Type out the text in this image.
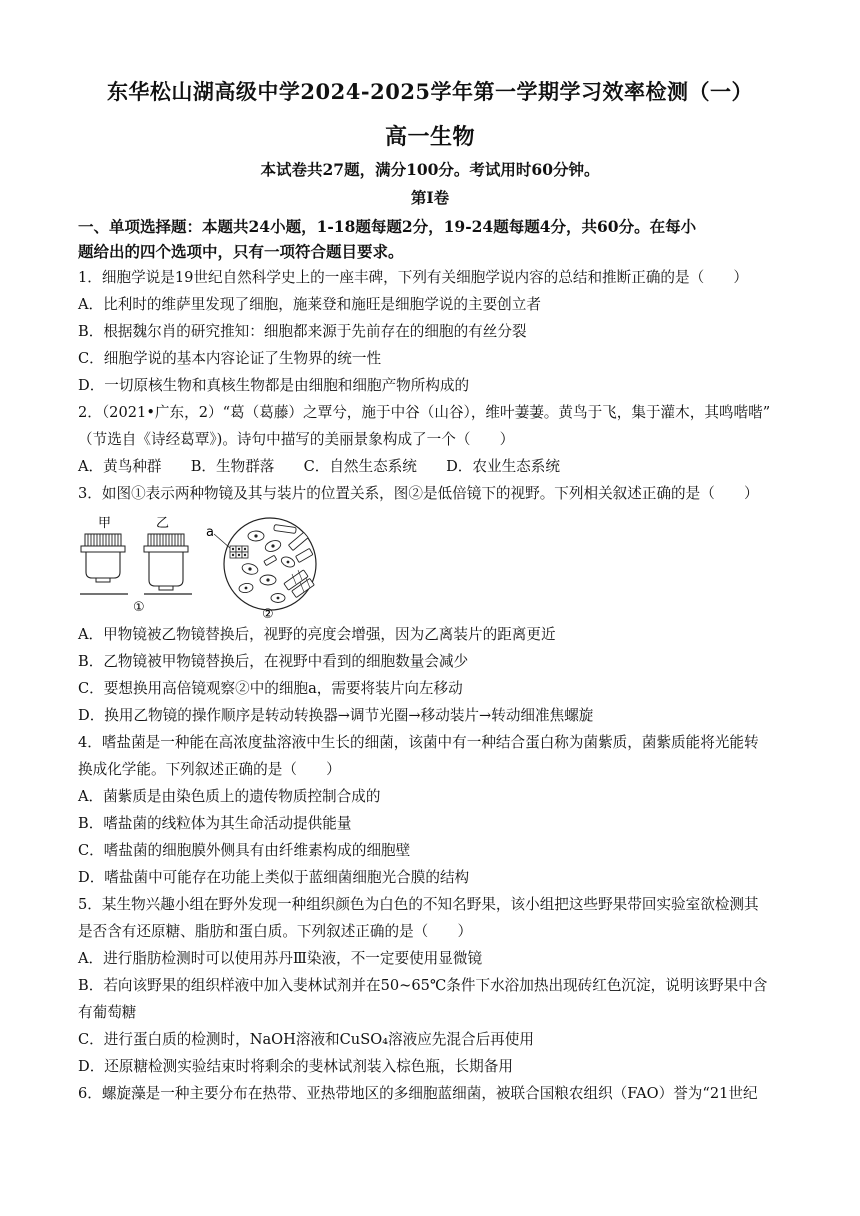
东华松山湖高级中学2024-2025学年第一学期学习效率检测（一）
高一生物
本试卷共27题，满分100分。考试用时60分钟。
第Ⅰ卷
一、单项选择题：本题共24小题，1-18题每题2分，19-24题每题4分，共60分。在每小
题给出的四个选项中，只有一项符合题目要求。
1．细胞学说是19世纪自然科学史上的一座丰碑，下列有关细胞学说内容的总结和推断正确的是（　　）
A．比利时的维萨里发现了细胞，施莱登和施旺是细胞学说的主要创立者
B．根据魏尔肖的研究推知：细胞都来源于先前存在的细胞的有丝分裂
C．细胞学说的基本内容论证了生物界的统一性
D．一切原核生物和真核生物都是由细胞和细胞产物所构成的
2．（2021•广东，2）“葛（葛藤）之覃兮，施于中谷（山谷），维叶萋萋。黄鸟于飞，集于灌木，其鸣喈喈”
（节选自《诗经葛覃》)。诗句中描写的美丽景象构成了一个（　　）
A．黄鸟种群　　B．生物群落　　C．自然生态系统　　D．农业生态系统
3．如图①表示两种物镜及其与装片的位置关系，图②是低倍镜下的视野。下列相关叙述正确的是（　　）
甲	乙
①
a
②
A．甲物镜被乙物镜替换后，视野的亮度会增强，因为乙离装片的距离更近
B．乙物镜被甲物镜替换后，在视野中看到的细胞数量会减少
C．要想换用高倍镜观察②中的细胞a，需要将装片向左移动
D．换用乙物镜的操作顺序是转动转换器→调节光圈→移动装片→转动细准焦螺旋
4．嗜盐菌是一种能在高浓度盐溶液中生长的细菌，该菌中有一种结合蛋白称为菌紫质，菌紫质能将光能转
换成化学能。下列叙述正确的是（　　）
A．菌紫质是由染色质上的遗传物质控制合成的
B．嗜盐菌的线粒体为其生命活动提供能量
C．嗜盐菌的细胞膜外侧具有由纤维素构成的细胞壁
D．嗜盐菌中可能存在功能上类似于蓝细菌细胞光合膜的结构
5．某生物兴趣小组在野外发现一种组织颜色为白色的不知名野果，该小组把这些野果带回实验室欲检测其
是否含有还原糖、脂肪和蛋白质。下列叙述正确的是（　　）
A．进行脂肪检测时可以使用苏丹Ⅲ染液，不一定要使用显微镜
B．若向该野果的组织样液中加入斐林试剂并在50~65℃条件下水浴加热出现砖红色沉淀，说明该野果中含
有葡萄糖
C．进行蛋白质的检测时，NaOH溶液和CuSO₄溶液应先混合后再使用
D．还原糖检测实验结束时将剩余的斐林试剂装入棕色瓶，长期备用
6．螺旋藻是一种主要分布在热带、亚热带地区的多细胞蓝细菌，被联合国粮农组织（FAO）誉为“21世纪
